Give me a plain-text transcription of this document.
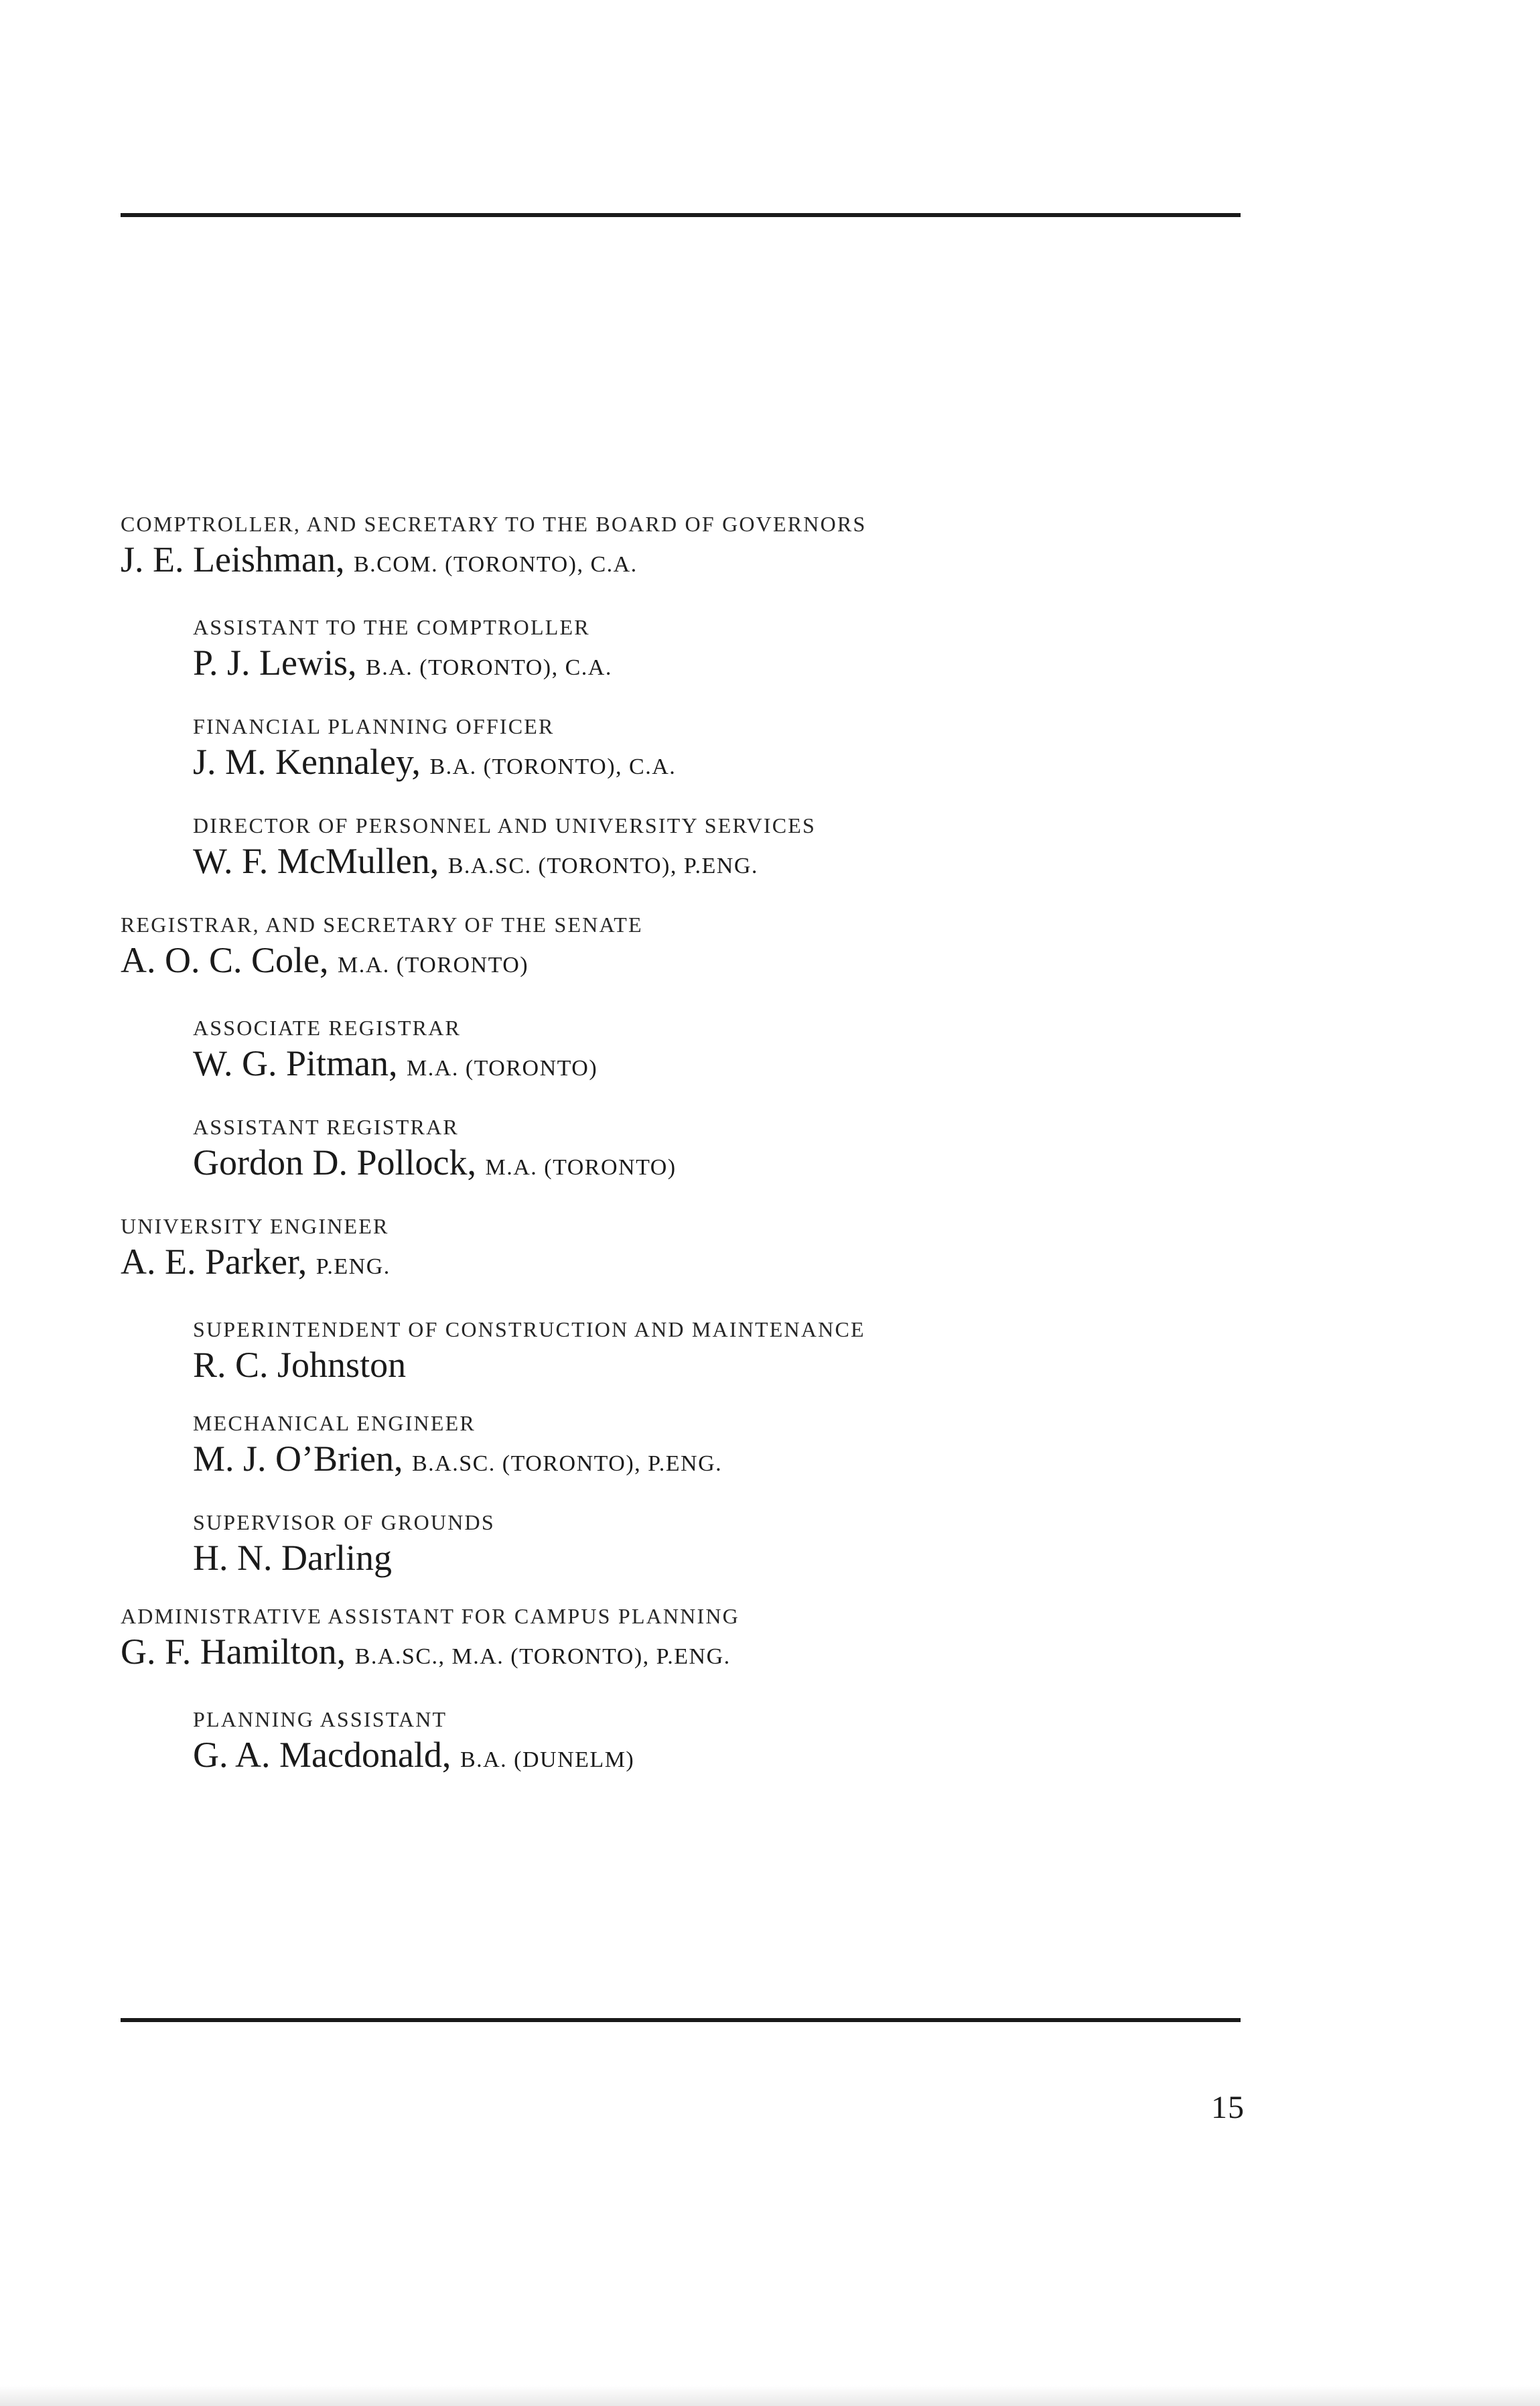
COMPTROLLER, AND SECRETARY TO THE BOARD OF GOVERNORS
J. E. Leishman, B.COM. (TORONTO), C.A.
ASSISTANT TO THE COMPTROLLER
P. J. Lewis, B.A. (TORONTO), C.A.
FINANCIAL PLANNING OFFICER
J. M. Kennaley, B.A. (TORONTO), C.A.
DIRECTOR OF PERSONNEL AND UNIVERSITY SERVICES
W. F. McMullen, B.A.SC. (TORONTO), P.ENG.
REGISTRAR, AND SECRETARY OF THE SENATE
A. O. C. Cole, M.A. (TORONTO)
ASSOCIATE REGISTRAR
W. G. Pitman, M.A. (TORONTO)
ASSISTANT REGISTRAR
Gordon D. Pollock, M.A. (TORONTO)
UNIVERSITY ENGINEER
A. E. Parker, P.ENG.
SUPERINTENDENT OF CONSTRUCTION AND MAINTENANCE
R. C. Johnston
MECHANICAL ENGINEER
M. J. O’Brien, B.A.SC. (TORONTO), P.ENG.
SUPERVISOR OF GROUNDS
H. N. Darling
ADMINISTRATIVE ASSISTANT FOR CAMPUS PLANNING
G. F. Hamilton, B.A.SC., M.A. (TORONTO), P.ENG.
PLANNING ASSISTANT
G. A. Macdonald, B.A. (DUNELM)
15
